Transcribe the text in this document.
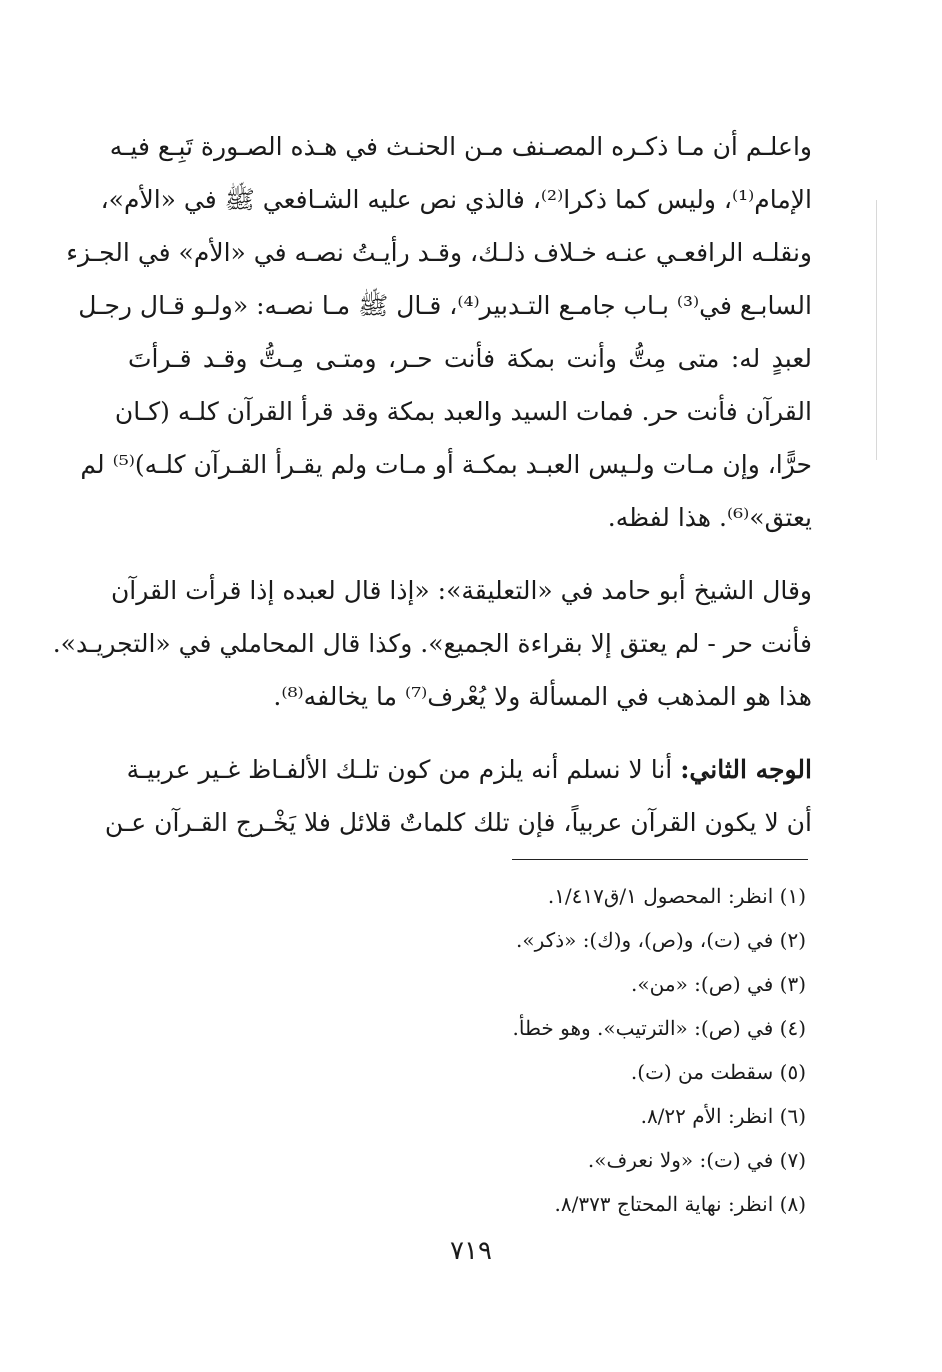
واعلـم أن مـا ذكـره المصـنف مـن الحنـث في هـذه الصـورة تَبِـع فيـه
الإمام⁽¹⁾، وليس كما ذكرا⁽²⁾، فالذي نص عليه الشـافعي ﷺ في «الأم»،
ونقلـه الرافعـي عنـه خـلاف ذلـك، وقـد رأيـتُ نصـه في «الأم» في الجـزء
السابـع في⁽³⁾ بـاب جامـع التـدبير⁽⁴⁾، قـال ﷺ مـا نصـه: «ولـو قـال رجـل
لعبدٍ له: متى مِتُّ وأنت بمكة فأنت حـر، ومتـى مِـتُّ وقـد قـرأتَ
القرآن فأنت حر. فمات السيد والعبد بمكة وقد قرأ القرآن كلـه (كـان
حرًّا، وإن مـات ولـيس العبـد بمكـة أو مـات ولم يقـرأ القـرآن كلـه)⁽⁵⁾ لم
يعتق»⁽⁶⁾. هذا لفظه.

وقال الشيخ أبو حامد في «التعليقة»: «إذا قال لعبده إذا قرأت القرآن
فأنت حر - لم يعتق إلا بقراءة الجميع». وكذا قال المحاملي في «التجريـد».
هذا هو المذهب في المسألة ولا يُعْرف⁽⁷⁾ ما يخالفه⁽⁸⁾.

الوجه الثاني: أنا لا نسلم أنه يلزم من كون تلـك الألفـاظ غـير عربيـة
أن لا يكون القرآن عربياً، فإن تلك كلماتٌ قلائل فلا يَخْـرج القـرآن عـن

(١) انظر: المحصول ١/ق١/٤١٧.
(٢) في (ت)، و(ص)، و(ك): «ذكر».
(٣) في (ص): «من».
(٤) في (ص): «الترتيب». وهو خطأ.
(٥) سقطت من (ت).
(٦) انظر: الأم ٨/٢٢.
(٧) في (ت): «ولا نعرف».
(٨) انظر: نهاية المحتاج ٨/٣٧٣.
٧١٩
